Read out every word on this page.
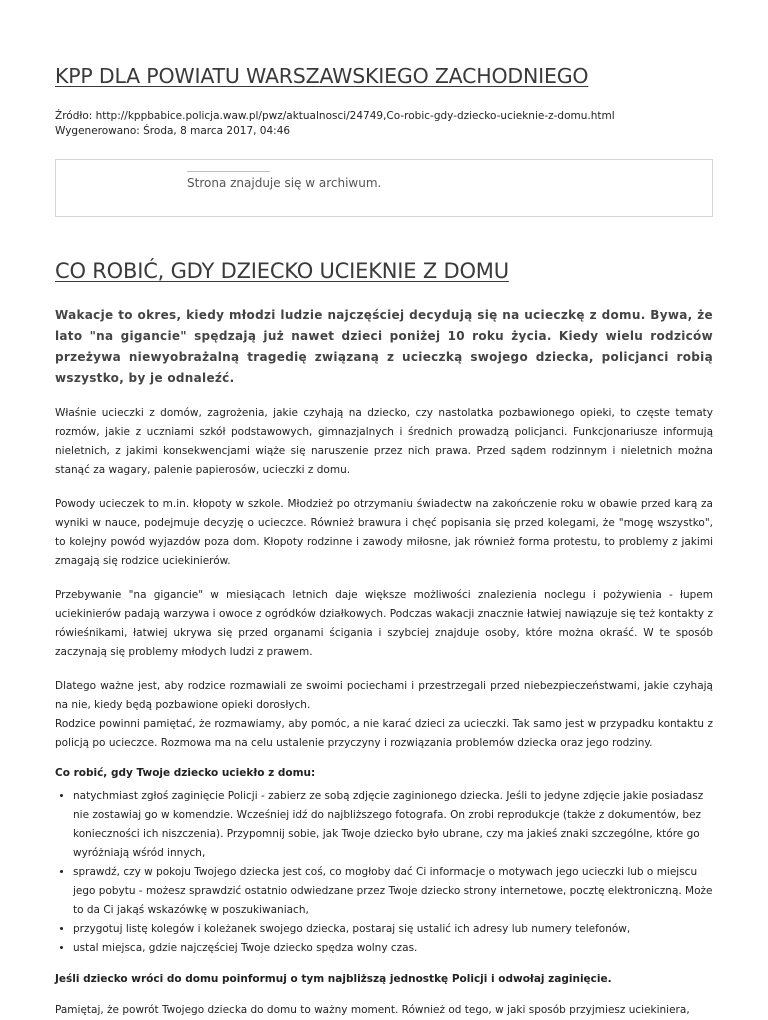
KPP DLA POWIATU WARSZAWSKIEGO ZACHODNIEGO
Źródło: http://kppbabice.policja.waw.pl/pwz/aktualnosci/24749,Co-robic-gdy-dziecko-ucieknie-z-domu.html
Wygenerowano: Środa, 8 marca 2017, 04:46
Strona znajduje się w archiwum.
CO ROBIĆ, GDY DZIECKO UCIEKNIE Z DOMU
Wakacje to okres, kiedy młodzi ludzie najczęściej decydują się na ucieczkę z domu. Bywa, że lato "na gigancie" spędzają już nawet dzieci poniżej 10 roku życia. Kiedy wielu rodziców przeżywa niewyobrażalną tragedię związaną z ucieczką swojego dziecka, policjanci robią wszystko, by je odnaleźć.

Właśnie ucieczki z domów, zagrożenia, jakie czyhają na dziecko, czy nastolatka pozbawionego opieki, to częste tematy rozmów, jakie z uczniami szkół podstawowych, gimnazjalnych i średnich prowadzą policjanci. Funkcjonariusze informują nieletnich, z jakimi konsekwencjami wiąże się naruszenie przez nich prawa. Przed sądem rodzinnym i nieletnich można stanąć za wagary, palenie papierosów, ucieczki z domu.

Powody ucieczek to m.in. kłopoty w szkole. Młodzież po otrzymaniu świadectw na zakończenie roku w obawie przed karą za wyniki w nauce, podejmuje decyzję o ucieczce. Również brawura i chęć popisania się przed kolegami, że "mogę wszystko", to kolejny powód wyjazdów poza dom. Kłopoty rodzinne i zawody miłosne, jak również forma protestu, to problemy z jakimi zmagają się rodzice uciekinierów.

Przebywanie "na gigancie" w miesiącach letnich daje większe możliwości znalezienia noclegu i pożywienia - łupem uciekinierów padają warzywa i owoce z ogródków działkowych. Podczas wakacji znacznie łatwiej nawiązuje się też kontakty z rówieśnikami, łatwiej ukrywa się przed organami ścigania i szybciej znajduje osoby, które można okraść. W te sposób zaczynają się problemy młodych ludzi z prawem.

Dlatego ważne jest, aby rodzice rozmawiali ze swoimi pociechami i przestrzegali przed niebezpieczeństwami, jakie czyhają na nie, kiedy będą pozbawione opieki dorosłych.
Rodzice powinni pamiętać, że rozmawiamy, aby pomóc, a nie karać dzieci za ucieczki. Tak samo jest w przypadku kontaktu z policją po ucieczce. Rozmowa ma na celu ustalenie przyczyny i rozwiązania problemów dziecka oraz jego rodziny.

Co robić, gdy Twoje dziecko uciekło z domu:
• natychmiast zgłoś zaginięcie Policji - zabierz ze sobą zdjęcie zaginionego dziecka. Jeśli to jedyne zdjęcie jakie posiadasz nie zostawiaj go w komendzie. Wcześniej idź do najbliższego fotografa. On zrobi reprodukcje (także z dokumentów, bez konieczności ich niszczenia). Przypomnij sobie, jak Twoje dziecko było ubrane, czy ma jakieś znaki szczególne, które go wyróżniają wśród innych,
• sprawdź, czy w pokoju Twojego dziecka jest coś, co mogłoby dać Ci informacje o motywach jego ucieczki lub o miejscu jego pobytu - możesz sprawdzić ostatnio odwiedzane przez Twoje dziecko strony internetowe, pocztę elektroniczną. Może to da Ci jakąś wskazówkę w poszukiwaniach,
• przygotuj listę kolegów i koleżanek swojego dziecka, postaraj się ustalić ich adresy lub numery telefonów,
• ustal miejsca, gdzie najczęściej Twoje dziecko spędza wolny czas.
Jeśli dziecko wróci do domu poinformuj o tym najbliższą jednostkę Policji i odwołaj zaginięcie.
Pamiętaj, że powrót Twojego dziecka do domu to ważny moment. Również od tego, w jaki sposób przyjmiesz uciekiniera,
